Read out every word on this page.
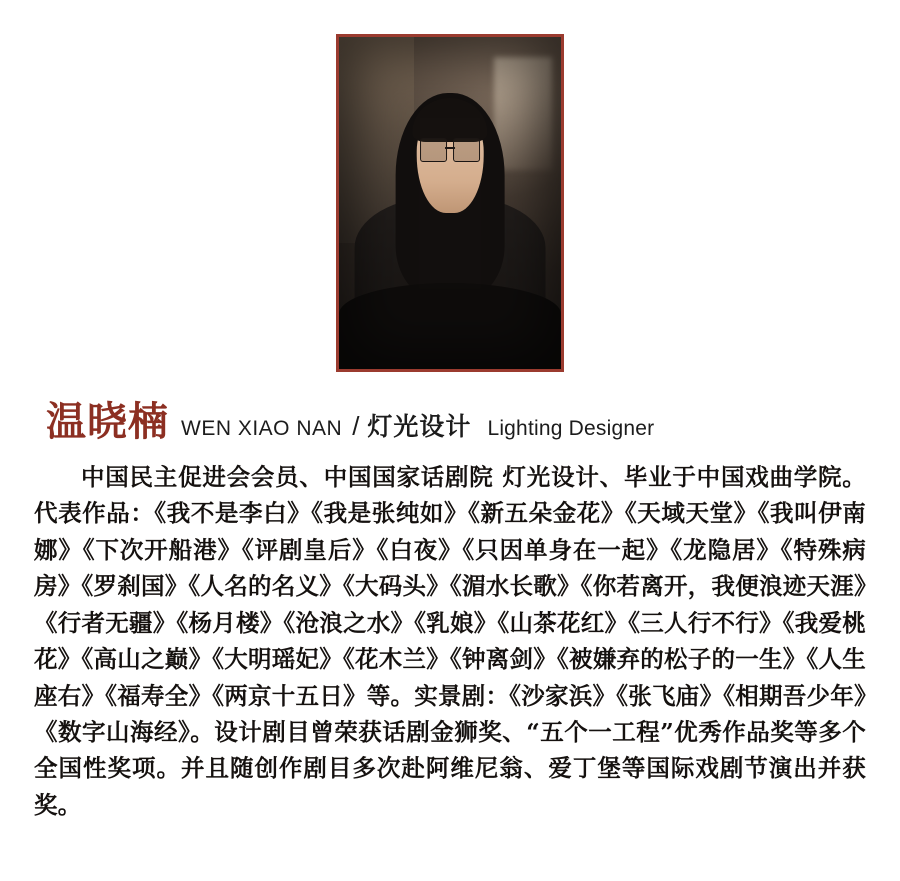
温晓楠 WEN XIAO NAN / 灯光设计 Lighting Designer
中国民主促进会会员、中国国家话剧院 灯光设计、毕业于中国戏曲学院。代表作品：《我不是李白》《我是张纯如》《新五朵金花》《天域天堂》《我叫伊南娜》《下次开船港》《评剧皇后》《白夜》《只因单身在一起》《龙隐居》《特殊病房》《罗刹国》《人名的名义》《大码头》《湄水长歌》《你若离开，我便浪迹天涯》《行者无疆》《杨月楼》《沧浪之水》《乳娘》《山茶花红》《三人行不行》《我爱桃花》《高山之巅》《大明瑶妃》《花木兰》《钟离剑》《被嫌弃的松子的一生》《人生座右》《福寿全》《两京十五日》等。实景剧：《沙家浜》《张飞庙》《相期吾少年》《数字山海经》。设计剧目曾荣获话剧金狮奖、“五个一工程”优秀作品奖等多个全国性奖项。并且随创作剧目多次赴阿维尼翁、爱丁堡等国际戏剧节演出并获奖。
